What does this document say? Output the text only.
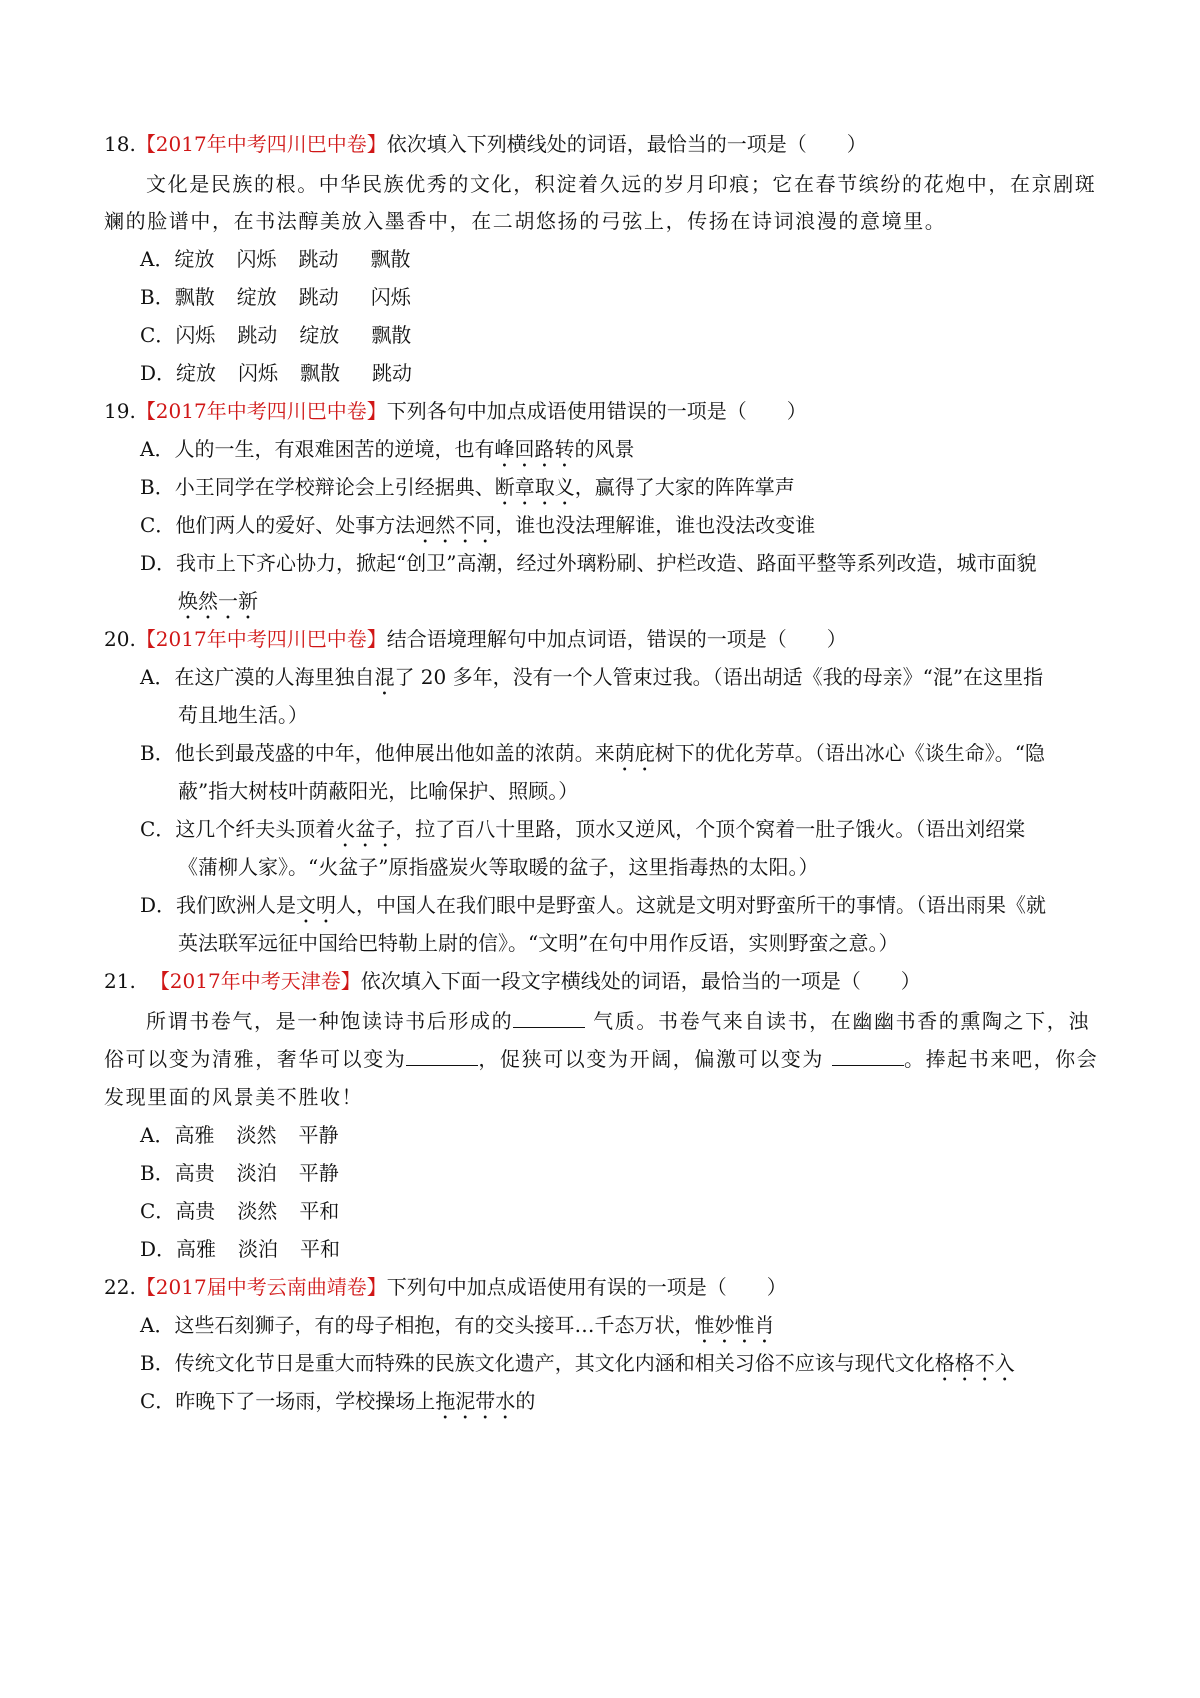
18.【2017年中考四川巴中卷】依次填入下列横线处的词语，最恰当的一项是（　　）
文化是民族的根。中华民族优秀的文化，积淀着久远的岁月印痕；它在春节缤纷的花炮中，在京剧斑
斓的脸谱中，在书法醇美放入墨香中，在二胡悠扬的弓弦上，传扬在诗词浪漫的意境里。
A．绽放 闪烁 跳动 飘散
B．飘散 绽放 跳动 闪烁
C．闪烁 跳动 绽放 飘散
D．绽放 闪烁 飘散 跳动
19.【2017年中考四川巴中卷】下列各句中加点成语使用错误的一项是（　　）
A．人的一生，有艰难困苦的逆境，也有峰回路转的风景
B．小王同学在学校辩论会上引经据典、断章取义，赢得了大家的阵阵掌声
C．他们两人的爱好、处事方法迥然不同，谁也没法理解谁，谁也没法改变谁
D．我市上下齐心协力，掀起“创卫”高潮，经过外璃粉刷、护栏改造、路面平整等系列改造，城市面貌
焕然一新
20.【2017年中考四川巴中卷】结合语境理解句中加点词语，错误的一项是（　　）
A．在这广漠的人海里独自混了 20 多年，没有一个人管束过我。（语出胡适《我的母亲》“混”在这里指
苟且地生活。）
B．他长到最茂盛的中年，他伸展出他如盖的浓荫。来荫庇树下的优化芳草。（语出冰心《谈生命》。“隐
蔽”指大树枝叶荫蔽阳光，比喻保护、照顾。）
C．这几个纤夫头顶着火盆子，拉了百八十里路，顶水又逆风，个顶个窝着一肚子饿火。（语出刘绍棠
《蒲柳人家》。“火盆子”原指盛炭火等取暖的盆子，这里指毒热的太阳。）
D．我们欧洲人是文明人，中国人在我们眼中是野蛮人。这就是文明对野蛮所干的事情。（语出雨果《就
英法联军远征中国给巴特勒上尉的信》。“文明”在句中用作反语，实则野蛮之意。）
21. 【2017年中考天津卷】依次填入下面一段文字横线处的词语，最恰当的一项是（　　）
所谓书卷气，是一种饱读诗书后形成的	气质。书卷气来自读书，在幽幽书香的熏陶之下，浊
俗可以变为清雅，奢华可以变为	，促狭可以变为开阔，偏激可以变为	。捧起书来吧，你会
发现里面的风景美不胜收！
A．高雅 淡然 平静
B．高贵 淡泊 平静
C．高贵 淡然 平和
D．高雅 淡泊 平和
22.【2017届中考云南曲靖卷】下列句中加点成语使用有误的一项是（　　）
A．这些石刻狮子，有的母子相抱，有的交头接耳…千态万状，惟妙惟肖
B．传统文化节日是重大而特殊的民族文化遗产，其文化内涵和相关习俗不应该与现代文化格格不入
C．昨晚下了一场雨，学校操场上拖泥带水的
